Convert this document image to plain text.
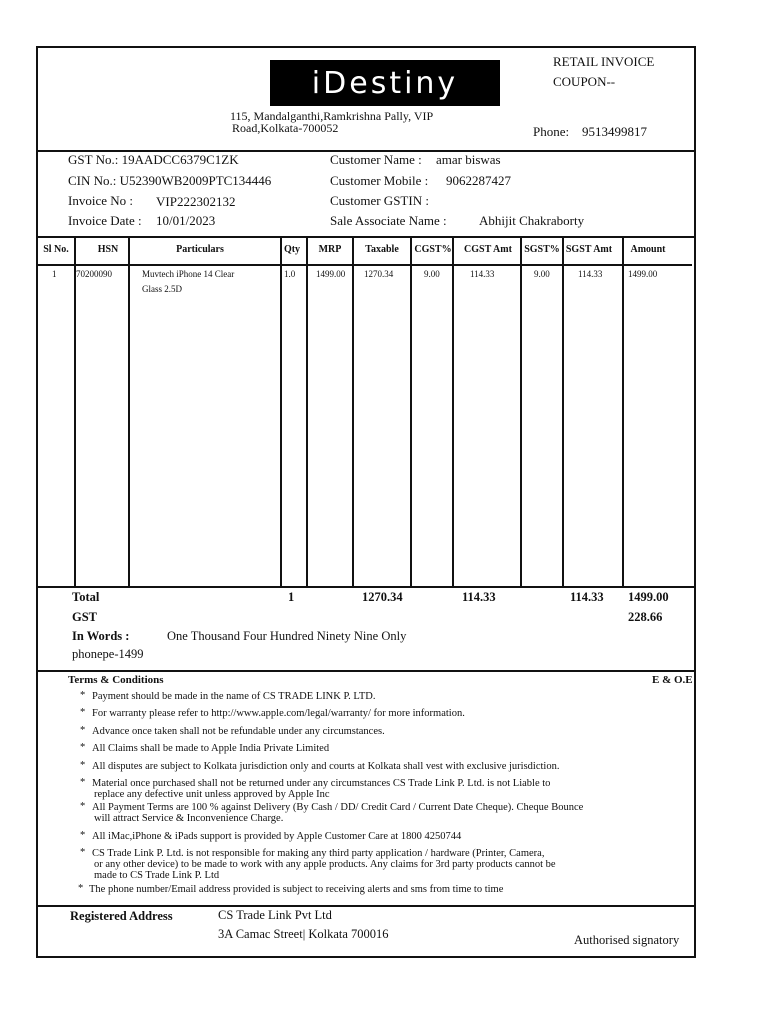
iDestiny
RETAIL INVOICE
COUPON--
115, Mandalganthi,Ramkrishna Pally, VIP
Road,Kolkata-700052	Phone: 9513499817
GST No.: 19AADCC6379C1ZK
CIN No.: U52390WB2009PTC134446
Invoice No : VIP222302132
Invoice Date : 10/01/2023
Customer Name : amar biswas
Customer Mobile : 9062287427
Customer GSTIN :
Sale Associate Name : Abhijit Chakraborty
Sl No.	HSN	Particulars	Qty	MRP	Taxable	CGST%	CGST Amt	SGST% SGST Amt	Amount
1 70200090	Muvtech iPhone 14 Clear
Glass 2.5D
1.0 1499.00 1270.34	9.00	114.33	9.00	114.33	1499.00
Total	1	1270.34	114.33	114.33 1499.00
GST	228.66
In Words :	One Thousand Four Hundred Ninety Nine Only
phonepe-1499
Terms & Conditions	E & O.E
* Payment should be made in the name of CS TRADE LINK P. LTD.
* For warranty please refer to http://www.apple.com/legal/warranty/ for more information.
* Advance once taken shall not be refundable under any circumstances.
* All Claims shall be made to Apple India Private Limited
* All disputes are subject to Kolkata jurisdiction only and courts at Kolkata shall vest with exclusive jurisdiction.
* Material once purchased shall not be returned under any circumstances CS Trade Link P. Ltd. is not Liable to
replace any defective unit unless approved by Apple Inc
* All Payment Terms are 100 % against Delivery (By Cash / DD/ Credit Card / Current Date Cheque). Cheque Bounce
will attract Service & Inconvenience Charge.
* All iMac,iPhone & iPads support is provided by Apple Customer Care at 1800 4250744
* CS Trade Link P. Ltd. is not responsible for making any third party application / hardware (Printer, Camera,
or any other device) to be made to work with any apple products. Any claims for 3rd party products cannot be
made to CS Trade Link P. Ltd
* The phone number/Email address provided is subject to receiving alerts and sms from time to time
Registered Address	CS Trade Link Pvt Ltd
3A Camac Street| Kolkata 700016	Authorised signatory
